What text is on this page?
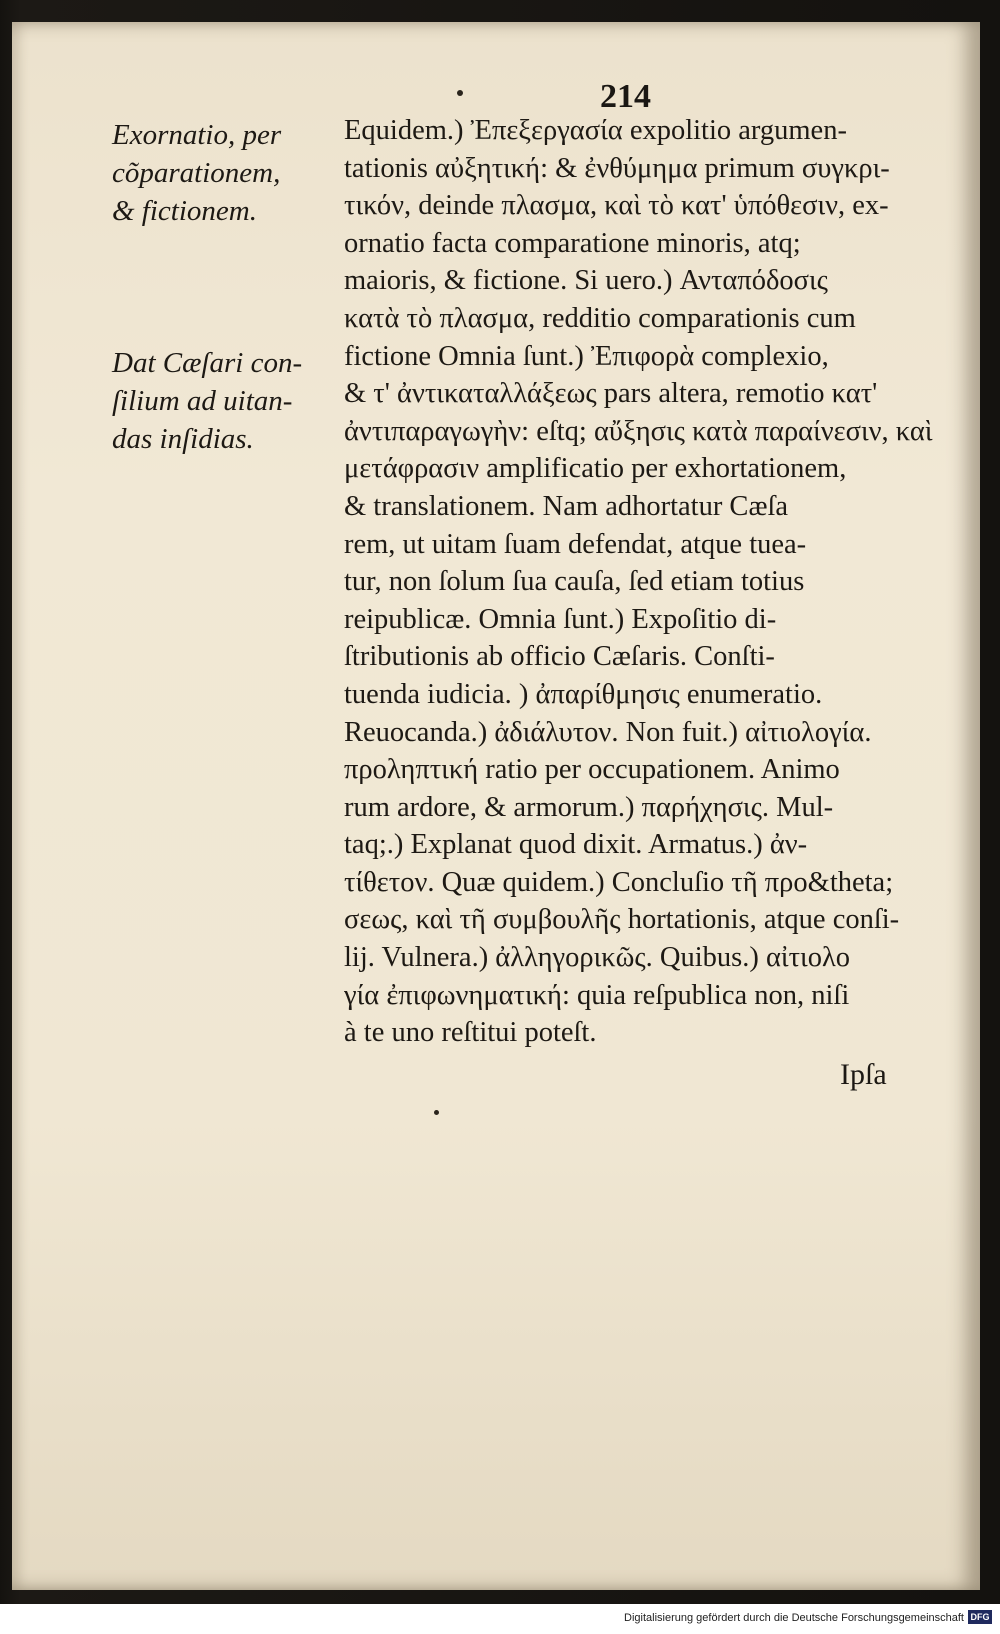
214
Exornatio, per
cõparationem,
& fictionem.
Dat Cæſari con-
ſilium ad uitan-
das inſidias.
Equidem.) Ἐπεξεργασία expolitio argumen-
tationis αὐξητική: & ἐνθύμημα primum συγκρι-
τικόν, deinde πλασμα, καὶ τὸ κατ' ὑπόθεσιν, ex-
ornatio facta comparatione minoris, atq;
maioris, & fictione. Si uero.) Ανταπόδοσις
κατὰ τὸ πλασμα, redditio comparationis cum
fictione Omnia ſunt.) Ἐπιφορὰ complexio,
& τ' ἀντικαταλλάξεως pars altera, remotio κατ'
ἀντιπαραγωγὴν: eſtq; αὔξησις κατὰ παραίνεσιν, καὶ
μετάφρασιν amplificatio per exhortationem,
& translationem. Nam adhortatur Cæſa
rem, ut uitam ſuam defendat, atque tuea-
tur, non ſolum ſua cauſa, ſed etiam totius
reipublicæ. Omnia ſunt.) Expoſitio di-
ſtributionis ab officio Cæſaris. Conſti-
tuenda iudicia. ) ἀπαρίθμησις enumeratio.
Reuocanda.) ἀδιάλυτον. Non fuit.) αἰτιολογία.
προληπτική ratio per occupationem. Animo
rum ardore, & armorum.) παρήχησις. Mul-
taq;.) Explanat quod dixit. Armatus.) ἀν-
τίθετον. Quæ quidem.) Concluſio τῆ προ&theta;
σεως, καὶ τῆ συμβουλῆς hortationis, atque conſi-
lij. Vulnera.) ἀλληγορικῶς. Quibus.) αἰτιολο
γία ἐπιφωνηματική: quia reſpublica non, niſi
à te uno reſtitui poteſt.
Ipſa
Digitalisierung gefördert durch die Deutsche Forschungsgemeinschaft DFG
